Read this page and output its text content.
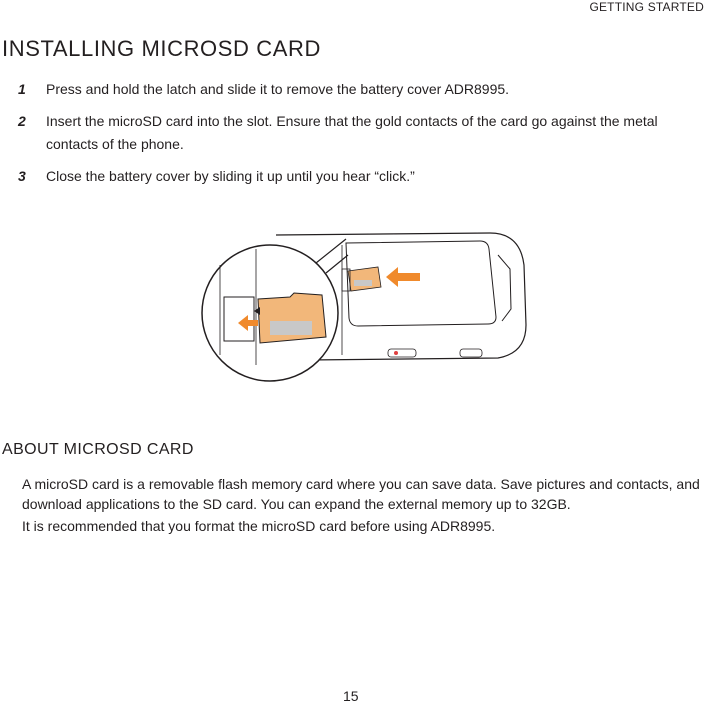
GETTING STARTED
INSTALLING MICROSD CARD
1 Press and hold the latch and slide it to remove the battery cover ADR8995.
2 Insert the microSD card into the slot. Ensure that the gold contacts of the card go against the metal contacts of the phone.
3 Close the battery cover by sliding it up until you hear “click.”
ABOUT MICROSD CARD

A microSD card is a removable flash memory card where you can save data. Save pictures and contacts, and download applications to the SD card. You can expand the external memory up to 32GB.

It is recommended that you format the microSD card before using ADR8995.

15
